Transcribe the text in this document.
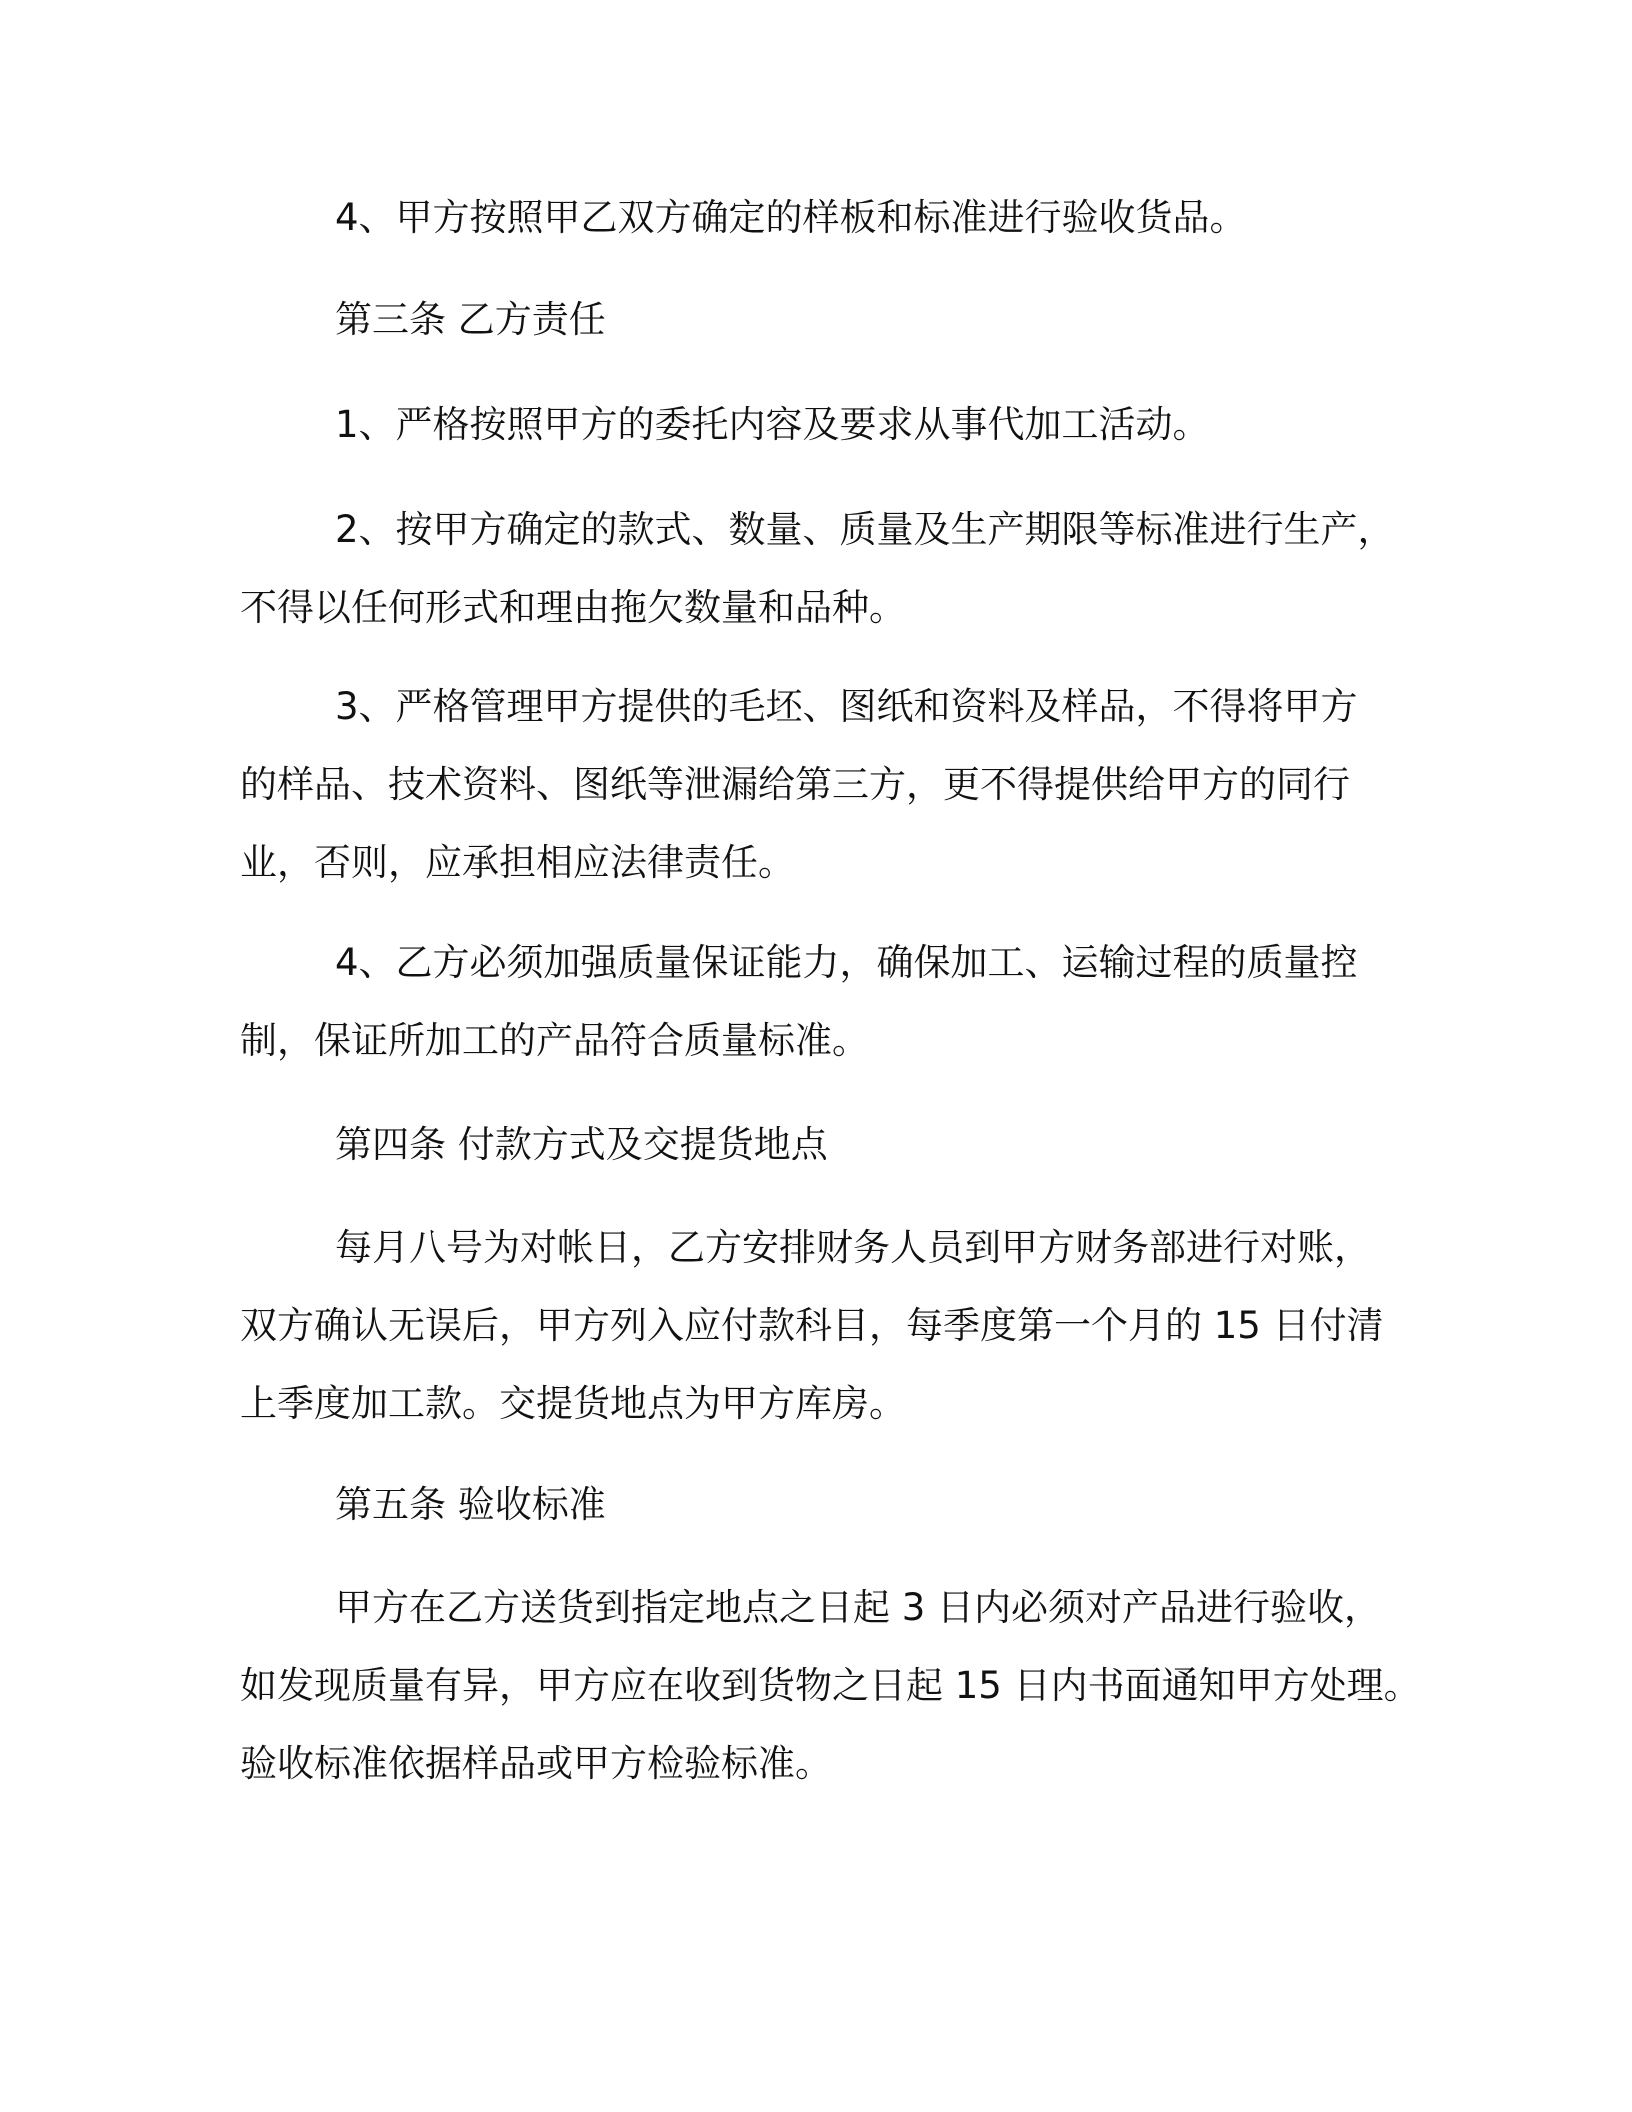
4、甲方按照甲乙双方确定的样板和标准进行验收货品。

第三条 乙方责任

1、严格按照甲方的委托内容及要求从事代加工活动。

2、按甲方确定的款式、数量、质量及生产期限等标准进行生产，
不得以任何形式和理由拖欠数量和品种。

3、严格管理甲方提供的毛坯、图纸和资料及样品，不得将甲方
的样品、技术资料、图纸等泄漏给第三方，更不得提供给甲方的同行
业，否则，应承担相应法律责任。

4、乙方必须加强质量保证能力，确保加工、运输过程的质量控
制，保证所加工的产品符合质量标准。

第四条 付款方式及交提货地点

每月八号为对帐日，乙方安排财务人员到甲方财务部进行对账，
双方确认无误后，甲方列入应付款科目，每季度第一个月的 15 日付清
上季度加工款。交提货地点为甲方库房。

第五条 验收标准

甲方在乙方送货到指定地点之日起 3 日内必须对产品进行验收，
如发现质量有异，甲方应在收到货物之日起 15 日内书面通知甲方处理。
验收标准依据样品或甲方检验标准。
